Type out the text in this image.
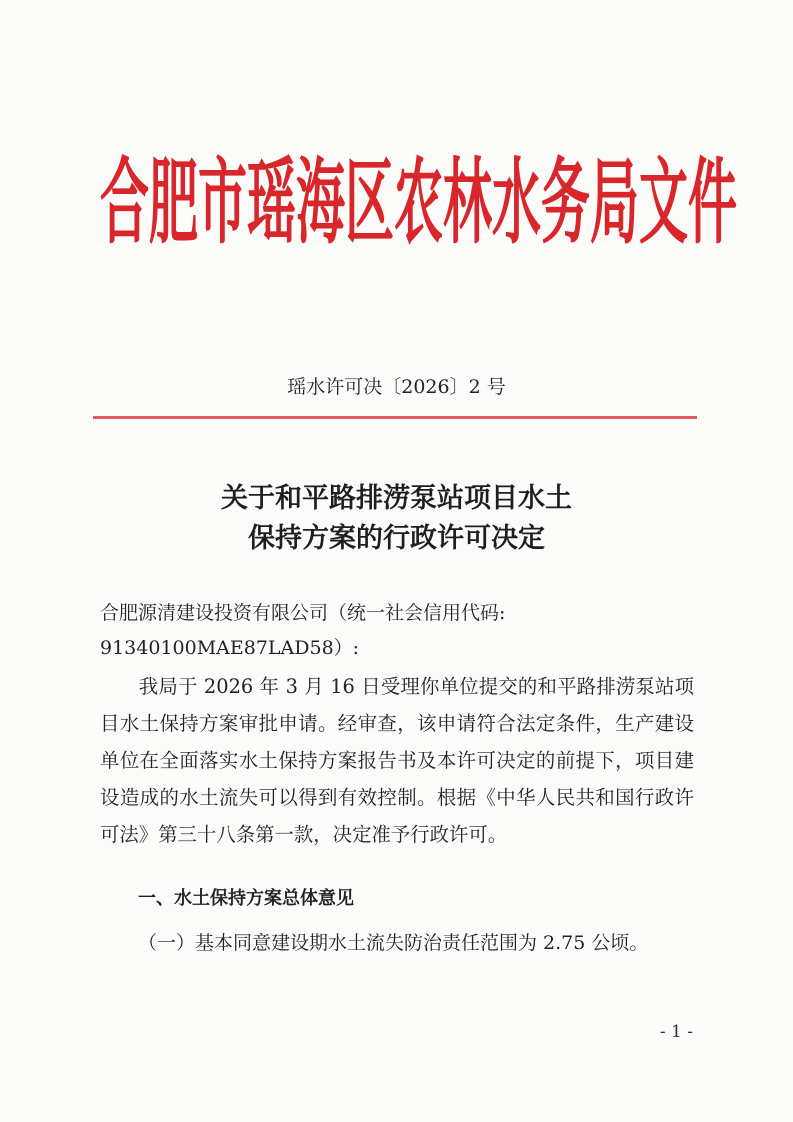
合肥市瑶海区农林水务局文件
瑶水许可决〔2026〕2 号
关于和平路排涝泵站项目水土
保持方案的行政许可决定
合肥源清建设投资有限公司（统一社会信用代码:
91340100MAE87LAD58）:
我局于 2026 年 3 月 16 日受理你单位提交的和平路排涝泵站项目水土保持方案审批申请。经审查，该申请符合法定条件，生产建设单位在全面落实水土保持方案报告书及本许可决定的前提下，项目建设造成的水土流失可以得到有效控制。根据《中华人民共和国行政许可法》第三十八条第一款，决定准予行政许可。
一、水土保持方案总体意见
（一）基本同意建设期水土流失防治责任范围为 2.75 公顷。
- 1 -
